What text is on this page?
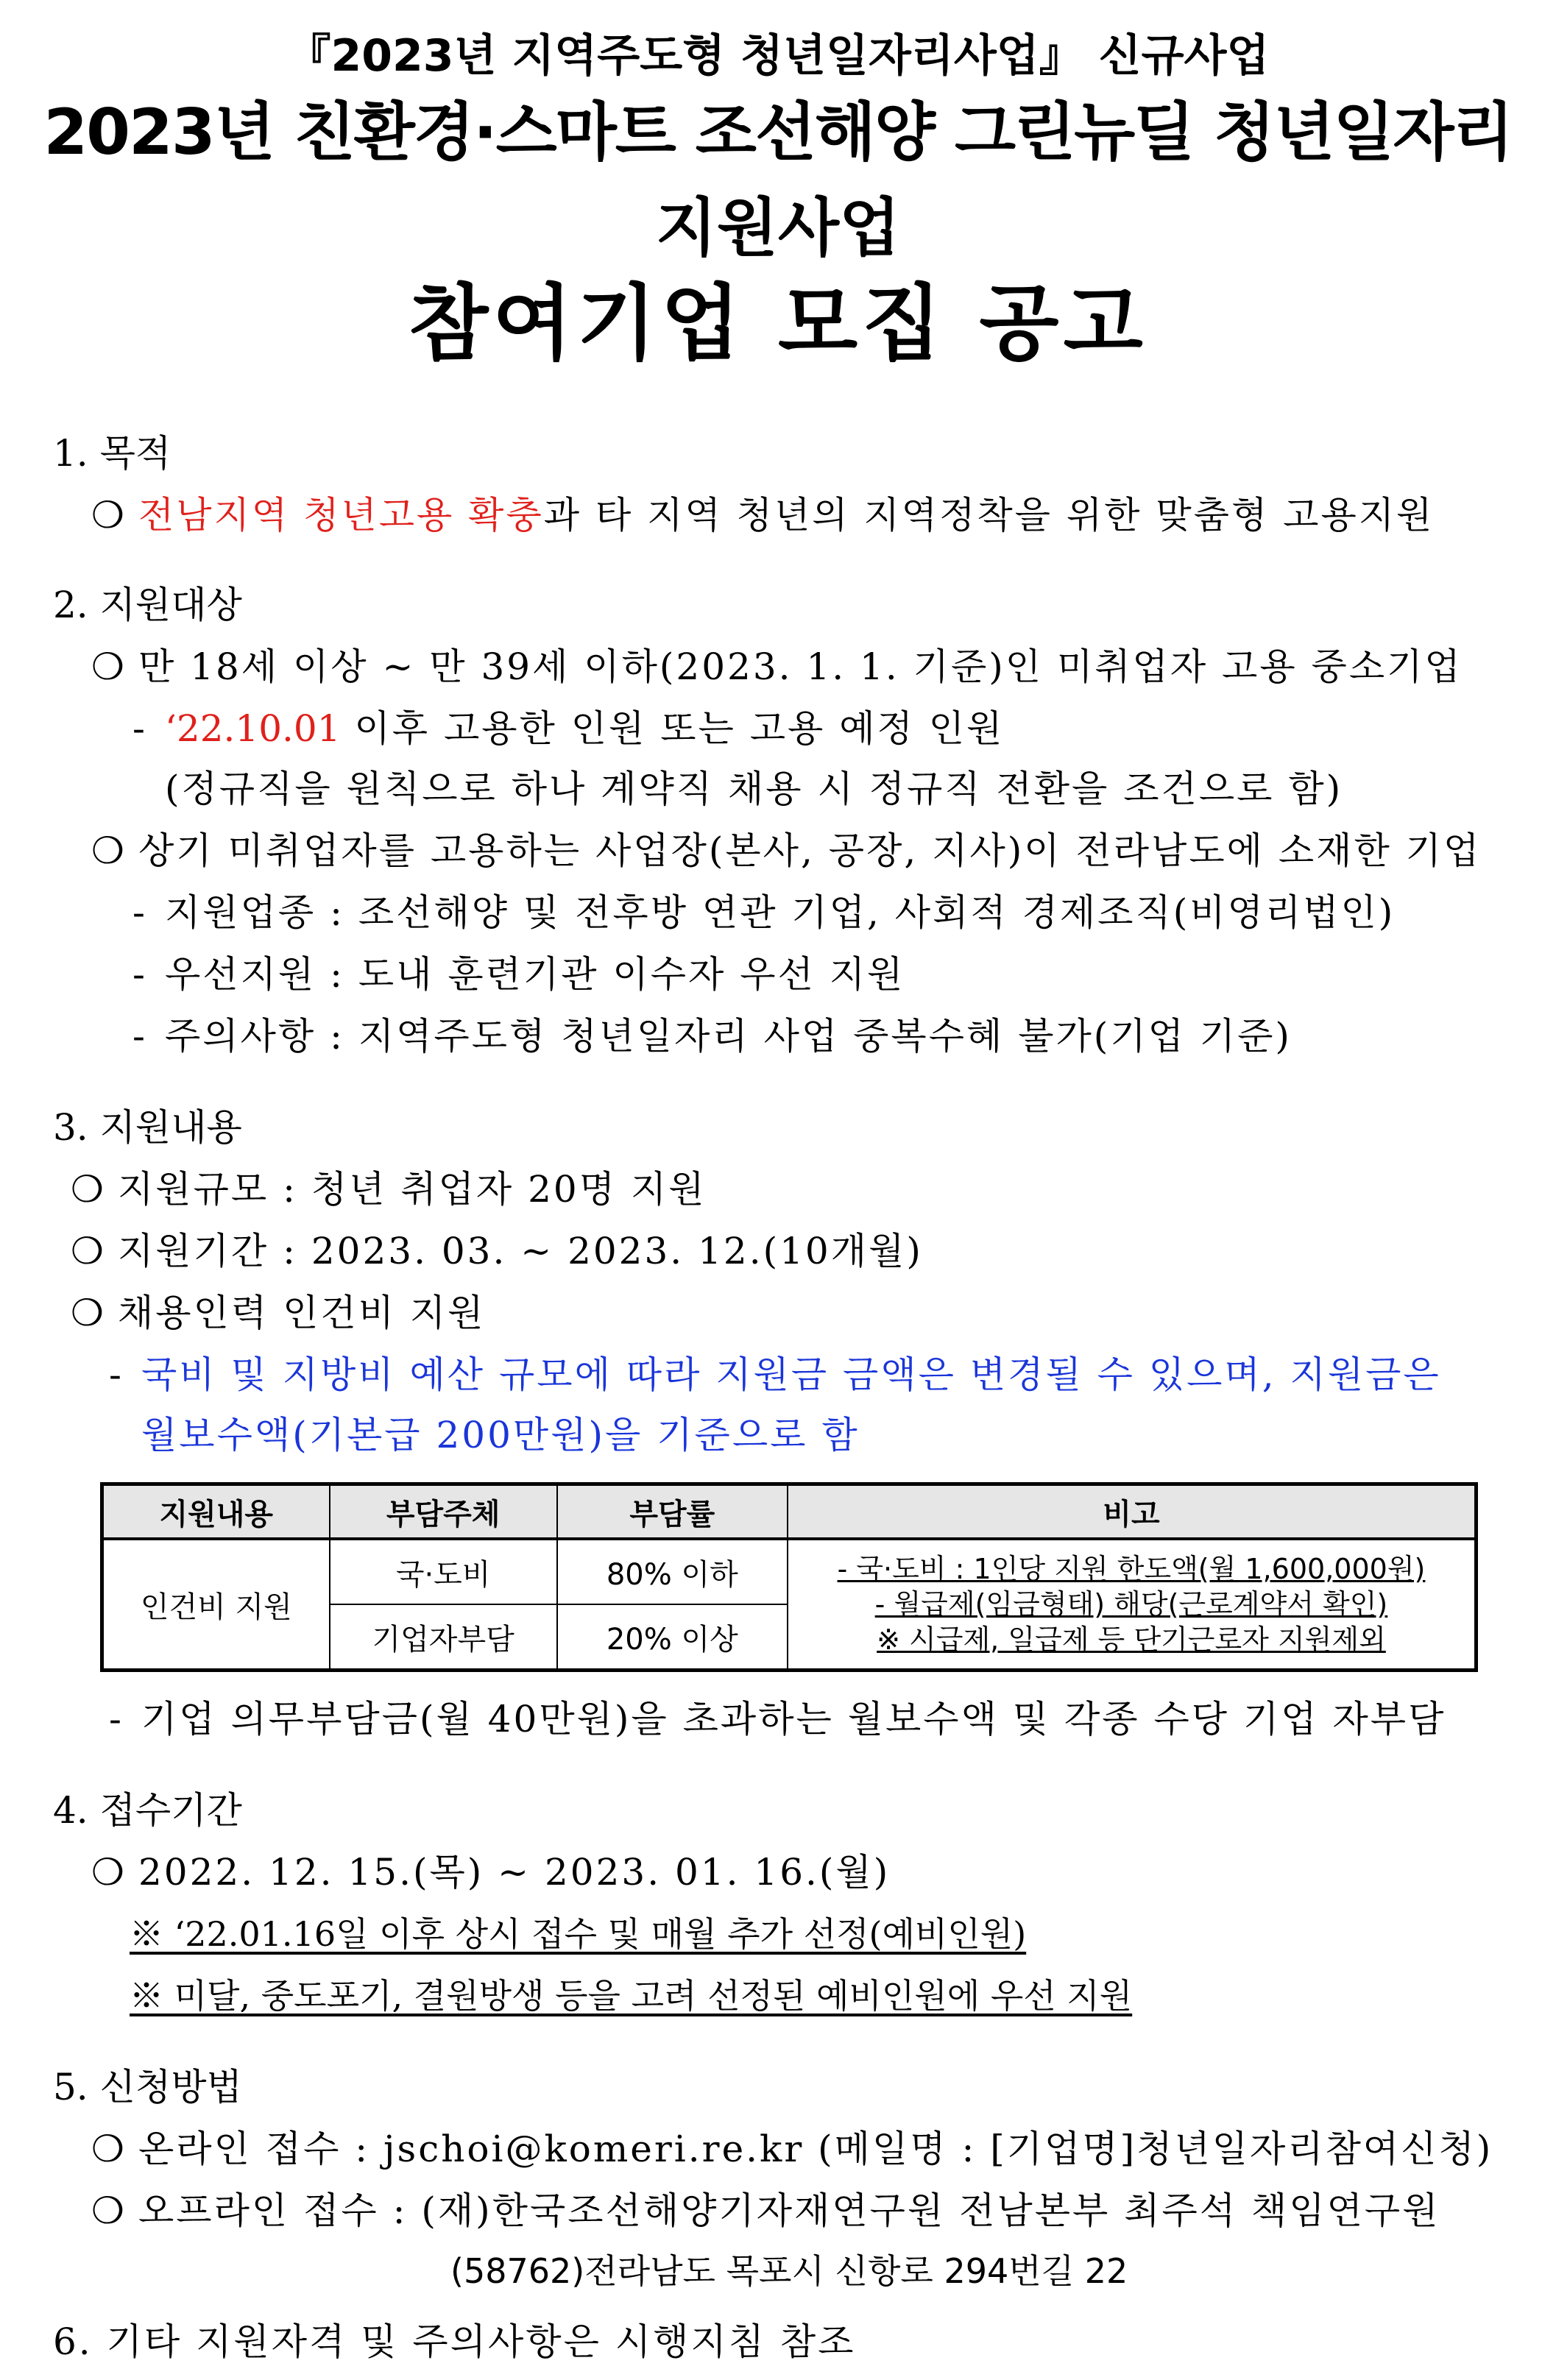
『2023년 지역주도형 청년일자리사업』 신규사업
2023년 친환경·스마트 조선해양 그린뉴딜 청년일자리
지원사업
참여기업 모집 공고
1. 목적
❍ 전남지역 청년고용 확충과 타 지역 청년의 지역정착을 위한 맞춤형 고용지원
2. 지원대상
❍ 만 18세 이상 ~ 만 39세 이하(2023. 1. 1. 기준)인 미취업자 고용 중소기업
- ‘22.10.01 이후 고용한 인원 또는 고용 예정 인원
(정규직을 원칙으로 하나 계약직 채용 시 정규직 전환을 조건으로 함)
❍ 상기 미취업자를 고용하는 사업장(본사, 공장, 지사)이 전라남도에 소재한 기업
- 지원업종 : 조선해양 및 전후방 연관 기업, 사회적 경제조직(비영리법인)
- 우선지원 : 도내 훈련기관 이수자 우선 지원
- 주의사항 : 지역주도형 청년일자리 사업 중복수혜 불가(기업 기준)
3. 지원내용
❍ 지원규모 : 청년 취업자 20명 지원
❍ 지원기간 : 2023. 03. ~ 2023. 12.(10개월)
❍ 채용인력 인건비 지원
- 국비 및 지방비 예산 규모에 따라 지원금 금액은 변경될 수 있으며, 지원금은
월보수액(기본급 200만원)을 기준으로 함
지원내용	부담주체	부담률	비고
인건비 지원	국·도비	80% 이하	- 국·도비 : 1인당 지원 한도액(월 1,600,000원)
- 월급제(임금형태) 해당(근로계약서 확인)
※ 시급제, 일급제 등 단기근로자 지원제외

	기업자부담	20% 이상	
- 기업 의무부담금(월 40만원)을 초과하는 월보수액 및 각종 수당 기업 자부담
4. 접수기간
❍ 2022. 12. 15.(목) ~ 2023. 01. 16.(월)
※ ‘22.01.16일 이후 상시 접수 및 매월 추가 선정(예비인원)
※ 미달, 중도포기, 결원방생 등을 고려 선정된 예비인원에 우선 지원
5. 신청방법
❍ 온라인 접수 : jschoi@komeri.re.kr (메일명 : [기업명]청년일자리참여신청)
❍ 오프라인 접수 : (재)한국조선해양기자재연구원 전남본부 최주석 책임연구원
(58762)전라남도 목포시 신항로 294번길 22
6. 기타 지원자격 및 주의사항은 시행지침 참조
